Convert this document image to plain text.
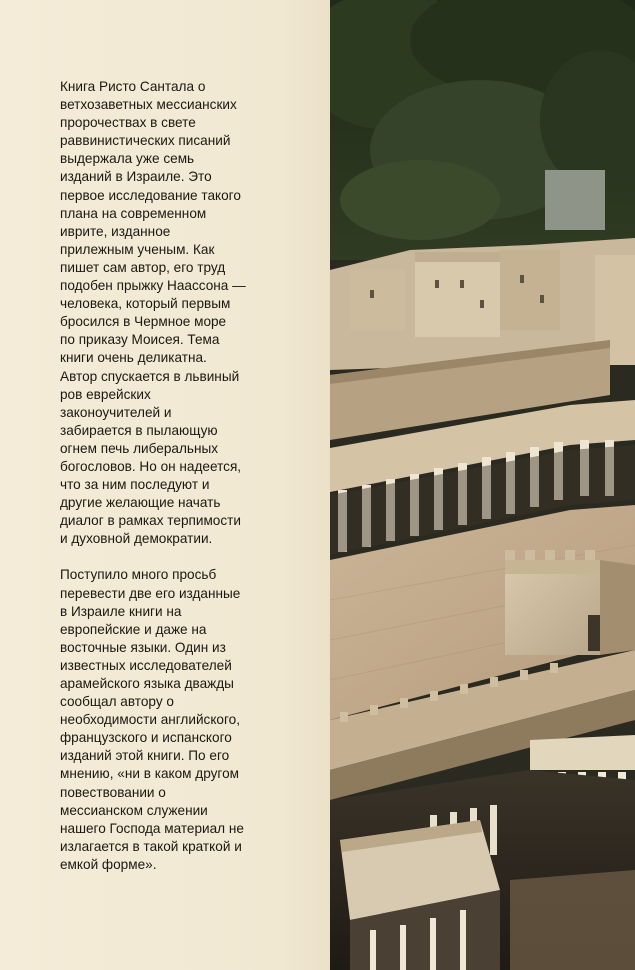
Книга Ристо Сантала о
ветхозаветных мессианских
пророчествах в свете
раввинистических писаний
выдержала уже семь
изданий в Израиле. Это
первое исследование такого
плана на современном
иврите, изданное
прилежным ученым. Как
пишет сам автор, его труд
подобен прыжку Наассона —
человека, который первым
бросился в Чермное море
по приказу Моисея. Тема
книги очень деликатна.
Автор спускается в львиный
ров еврейских
законоучителей и
забирается в пылающую
огнем печь либеральных
богословов. Но он надеется,
что за ним последуют и
другие желающие начать
диалог в рамках терпимости
и духовной демократии.

Поступило много просьб
перевести две его изданные
в Израиле книги на
европейские и даже на
восточные языки. Один из
известных исследователей
арамейского языка дважды
сообщал автору о
необходимости английского,
французского и испанского
изданий этой книги. По его
мнению, «ни в каком другом
повествовании о
мессианском служении
нашего Господа материал не
излагается в такой краткой и
емкой форме».
